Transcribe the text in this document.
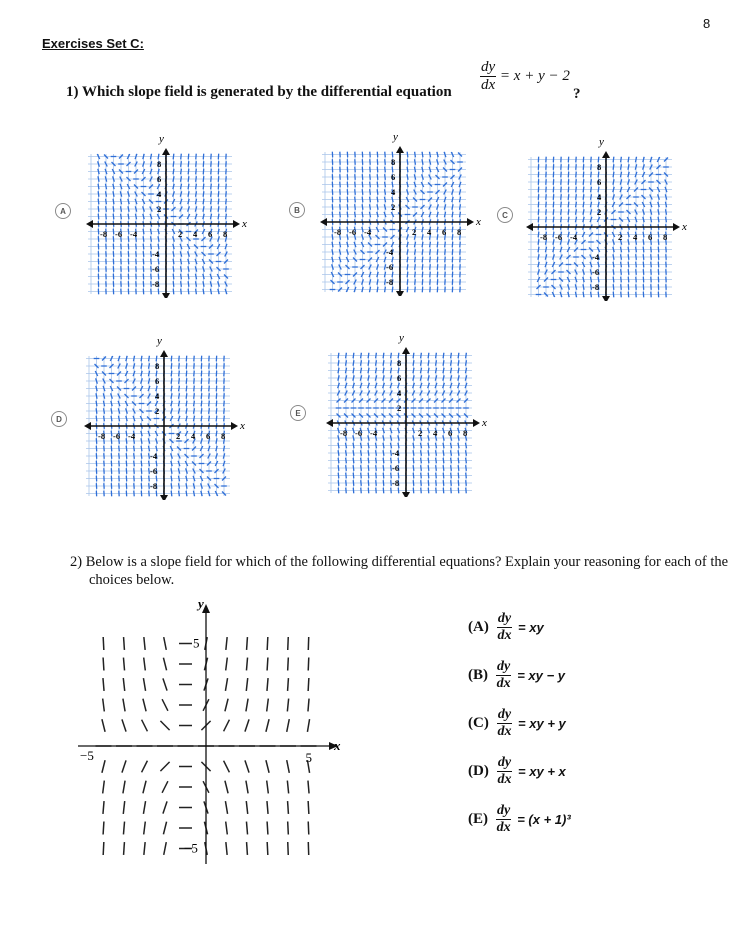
8
Exercises Set C:
1) Which slope field is generated by the differential equation $\frac{dy}{dx} = x + y - 2$
?
A
y
x
-8 -6 -4	2 4 6 8
8
6
4
2
-4
-6
-8
B
y
x
-8 -6 -4	2 4 6 8
8
6
4
2
-4
-6
-8
C
y
x
-8 -6 -4	2 4 6 8
8
6
4
2
-4
-6
-8
D
y
x
-8 -6 -4	2 4 6 8
8
6
4
2
-4
-6
-8
E
y
x
-8 -6 -4	2 4 6 8
8
6
4
2
-4
-6
-8
2) Below is a slope field for which of the following differential equations? Explain your reasoning for each of the choices below.
y
x
5
−5
−5	5
$(A) \frac{dy}{dx}$ = xy
$(B) \frac{dy}{dx}$ = xy − y
$(C) \frac{dy}{dx}$ = xy + y
$(D) \frac{dy}{dx}$ = xy + x
$(E) \frac{dy}{dx} = (x + 1)^3$
